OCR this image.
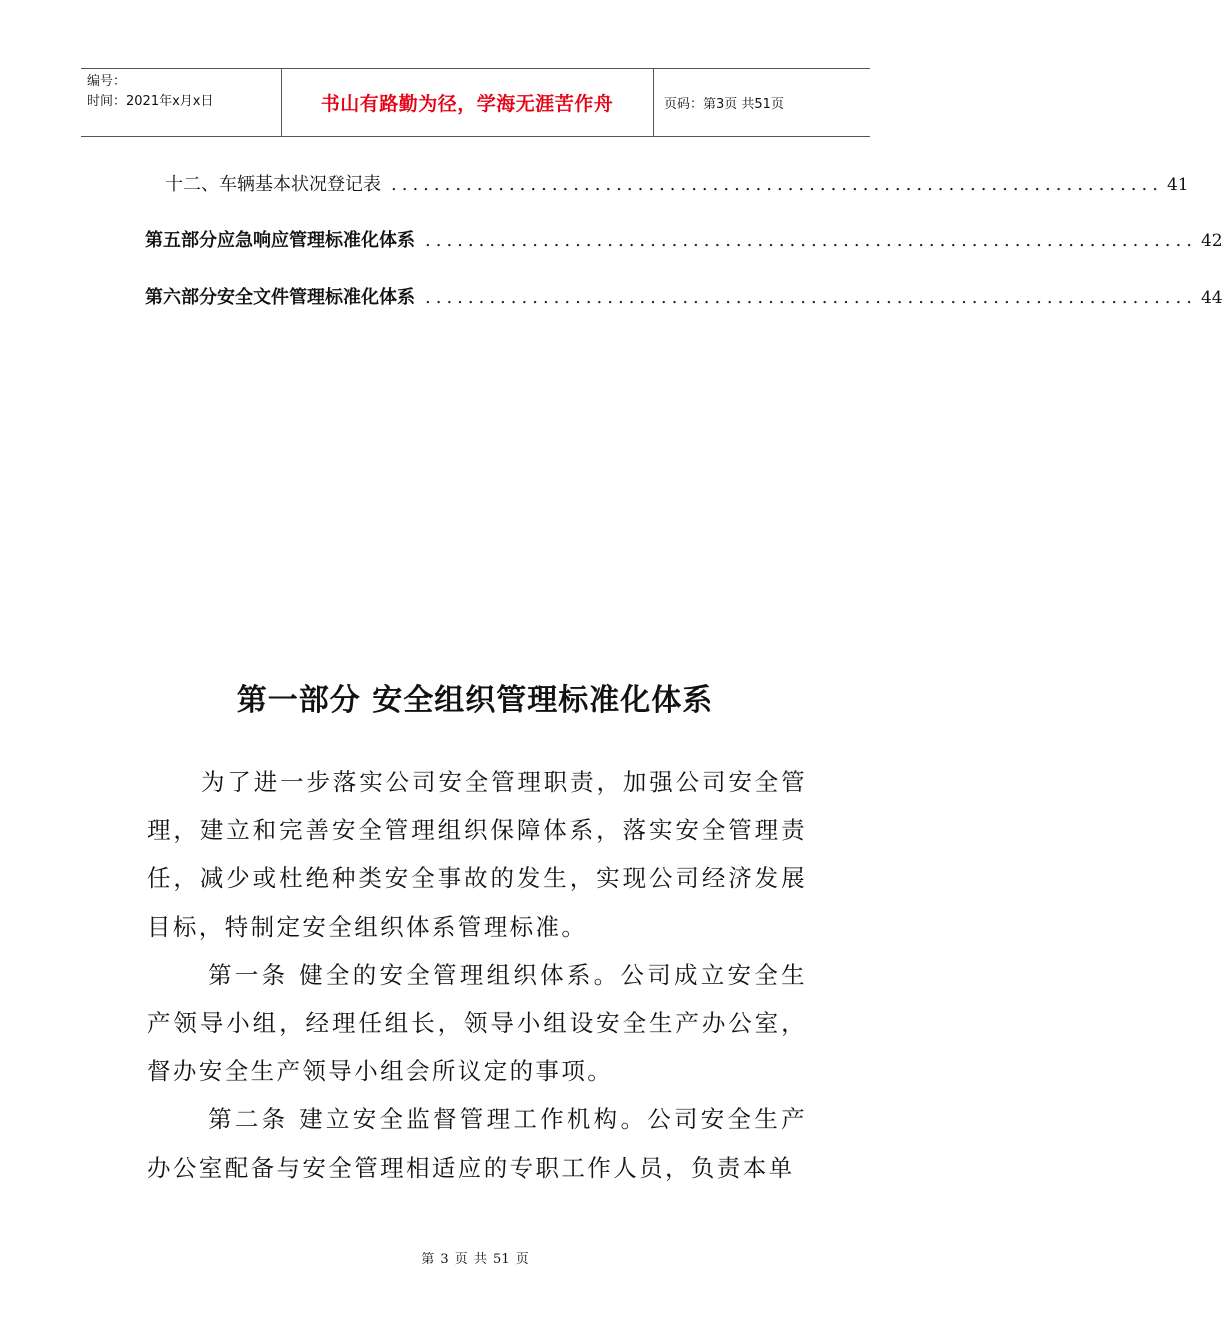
编号：
时间：2021年x月x日	书山有路勤为径，学海无涯苦作舟	页码：第3页 共51页
十二、车辆基本状况登记表 ........................................................................ 41
第五部分 应急响应管理标准化体系 ........................................................................ 42
第六部分 安全文件管理标准化体系 ........................................................................ 44
第一部分 安全组织管理标准化体系

为了进一步落实公司安全管理职责，加强公司安全管理，建立和完善安全管理组织保障体系，落实安全管理责任，减少或杜绝种类安全事故的发生，实现公司经济发展目标，特制定安全组织体系管理标准。

第一条 健全的安全管理组织体系。公司成立安全生产领导小组，经理任组长，领导小组设安全生产办公室，督办安全生产领导小组会所议定的事项。

第二条 建立安全监督管理工作机构。公司安全生产办公室配备与安全管理相适应的专职工作人员，负责本单

第 3 页 共 51 页
